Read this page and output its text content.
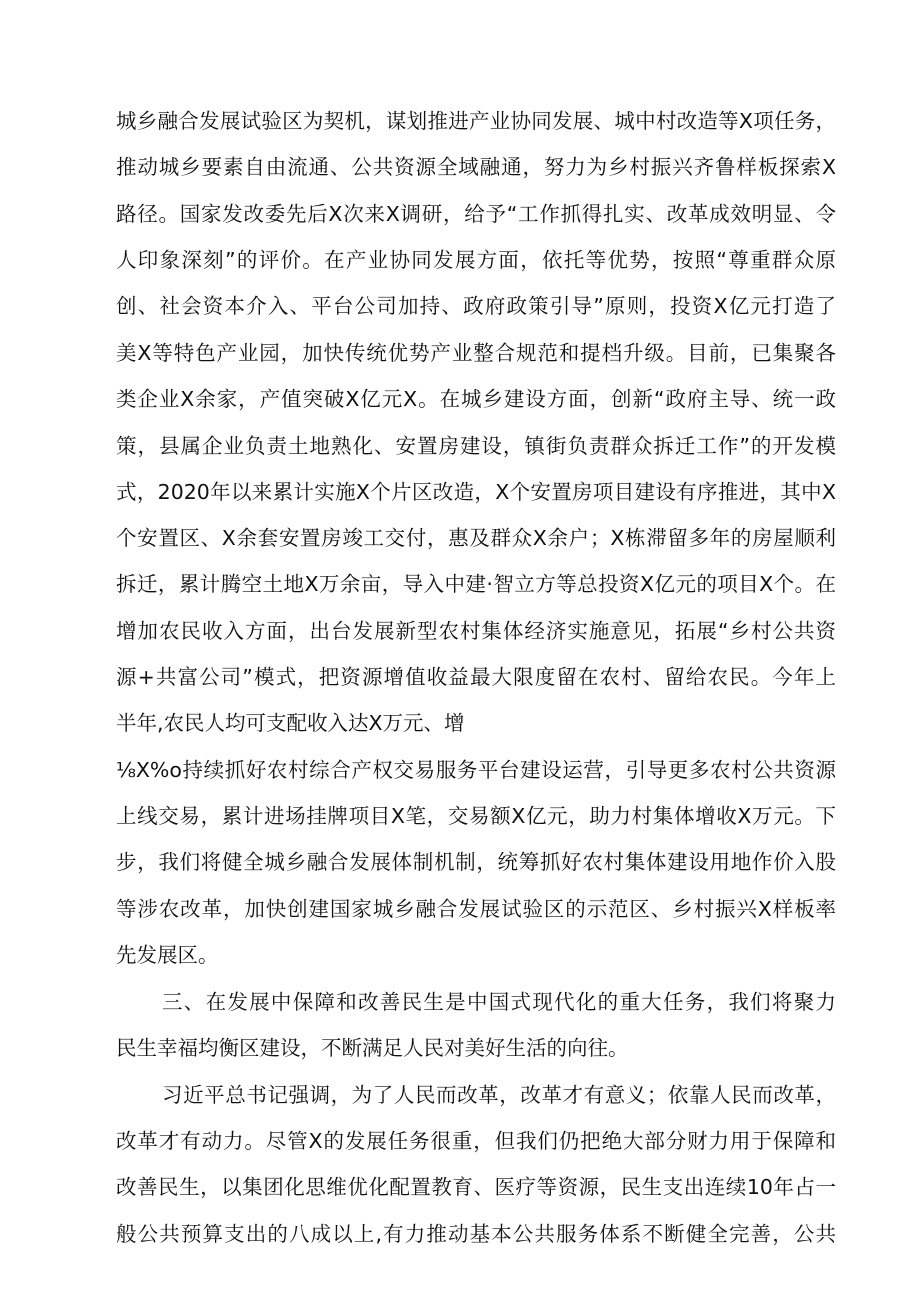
城乡融合发展试验区为契机，谋划推进产业协同发展、城中村改造等X项任务，
推动城乡要素自由流通、公共资源全域融通，努力为乡村振兴齐鲁样板探索X
路径。国家发改委先后X次来X调研，给予“工作抓得扎实、改革成效明显、令
人印象深刻”的评价。在产业协同发展方面，依托等优势，按照“尊重群众原
创、社会资本介入、平台公司加持、政府政策引导”原则，投资X亿元打造了
美X等特色产业园，加快传统优势产业整合规范和提档升级。目前，已集聚各
类企业X余家，产值突破X亿元X。在城乡建设方面，创新“政府主导、统一政
策，县属企业负责土地熟化、安置房建设，镇街负责群众拆迁工作”的开发模
式，2020年以来累计实施X个片区改造，X个安置房项目建设有序推进，其中X
个安置区、X余套安置房竣工交付，惠及群众X余户；X栋滞留多年的房屋顺利
拆迁，累计腾空土地X万余亩，导入中建·智立方等总投资X亿元的项目X个。在
增加农民收入方面，出台发展新型农村集体经济实施意见，拓展“乡村公共资
源+共富公司”模式，把资源增值收益最大限度留在农村、留给农民。今年上
半年,农民人均可支配收入达X万元、增
⅛X%o持续抓好农村综合产权交易服务平台建设运营，引导更多农村公共资源
上线交易，累计进场挂牌项目X笔，交易额X亿元，助力村集体增收X万元。下
步，我们将健全城乡融合发展体制机制，统筹抓好农村集体建设用地作价入股
等涉农改革，加快创建国家城乡融合发展试验区的示范区、乡村振兴X样板率
先发展区。
三、在发展中保障和改善民生是中国式现代化的重大任务，我们将聚力
民生幸福均衡区建设，不断满足人民对美好生活的向往。
习近平总书记强调，为了人民而改革，改革才有意义；依靠人民而改革，
改革才有动力。尽管X的发展任务很重，但我们仍把绝大部分财力用于保障和
改善民生，以集团化思维优化配置教育、医疗等资源，民生支出连续10年占一
般公共预算支出的八成以上,有力推动基本公共服务体系不断健全完善，公共
